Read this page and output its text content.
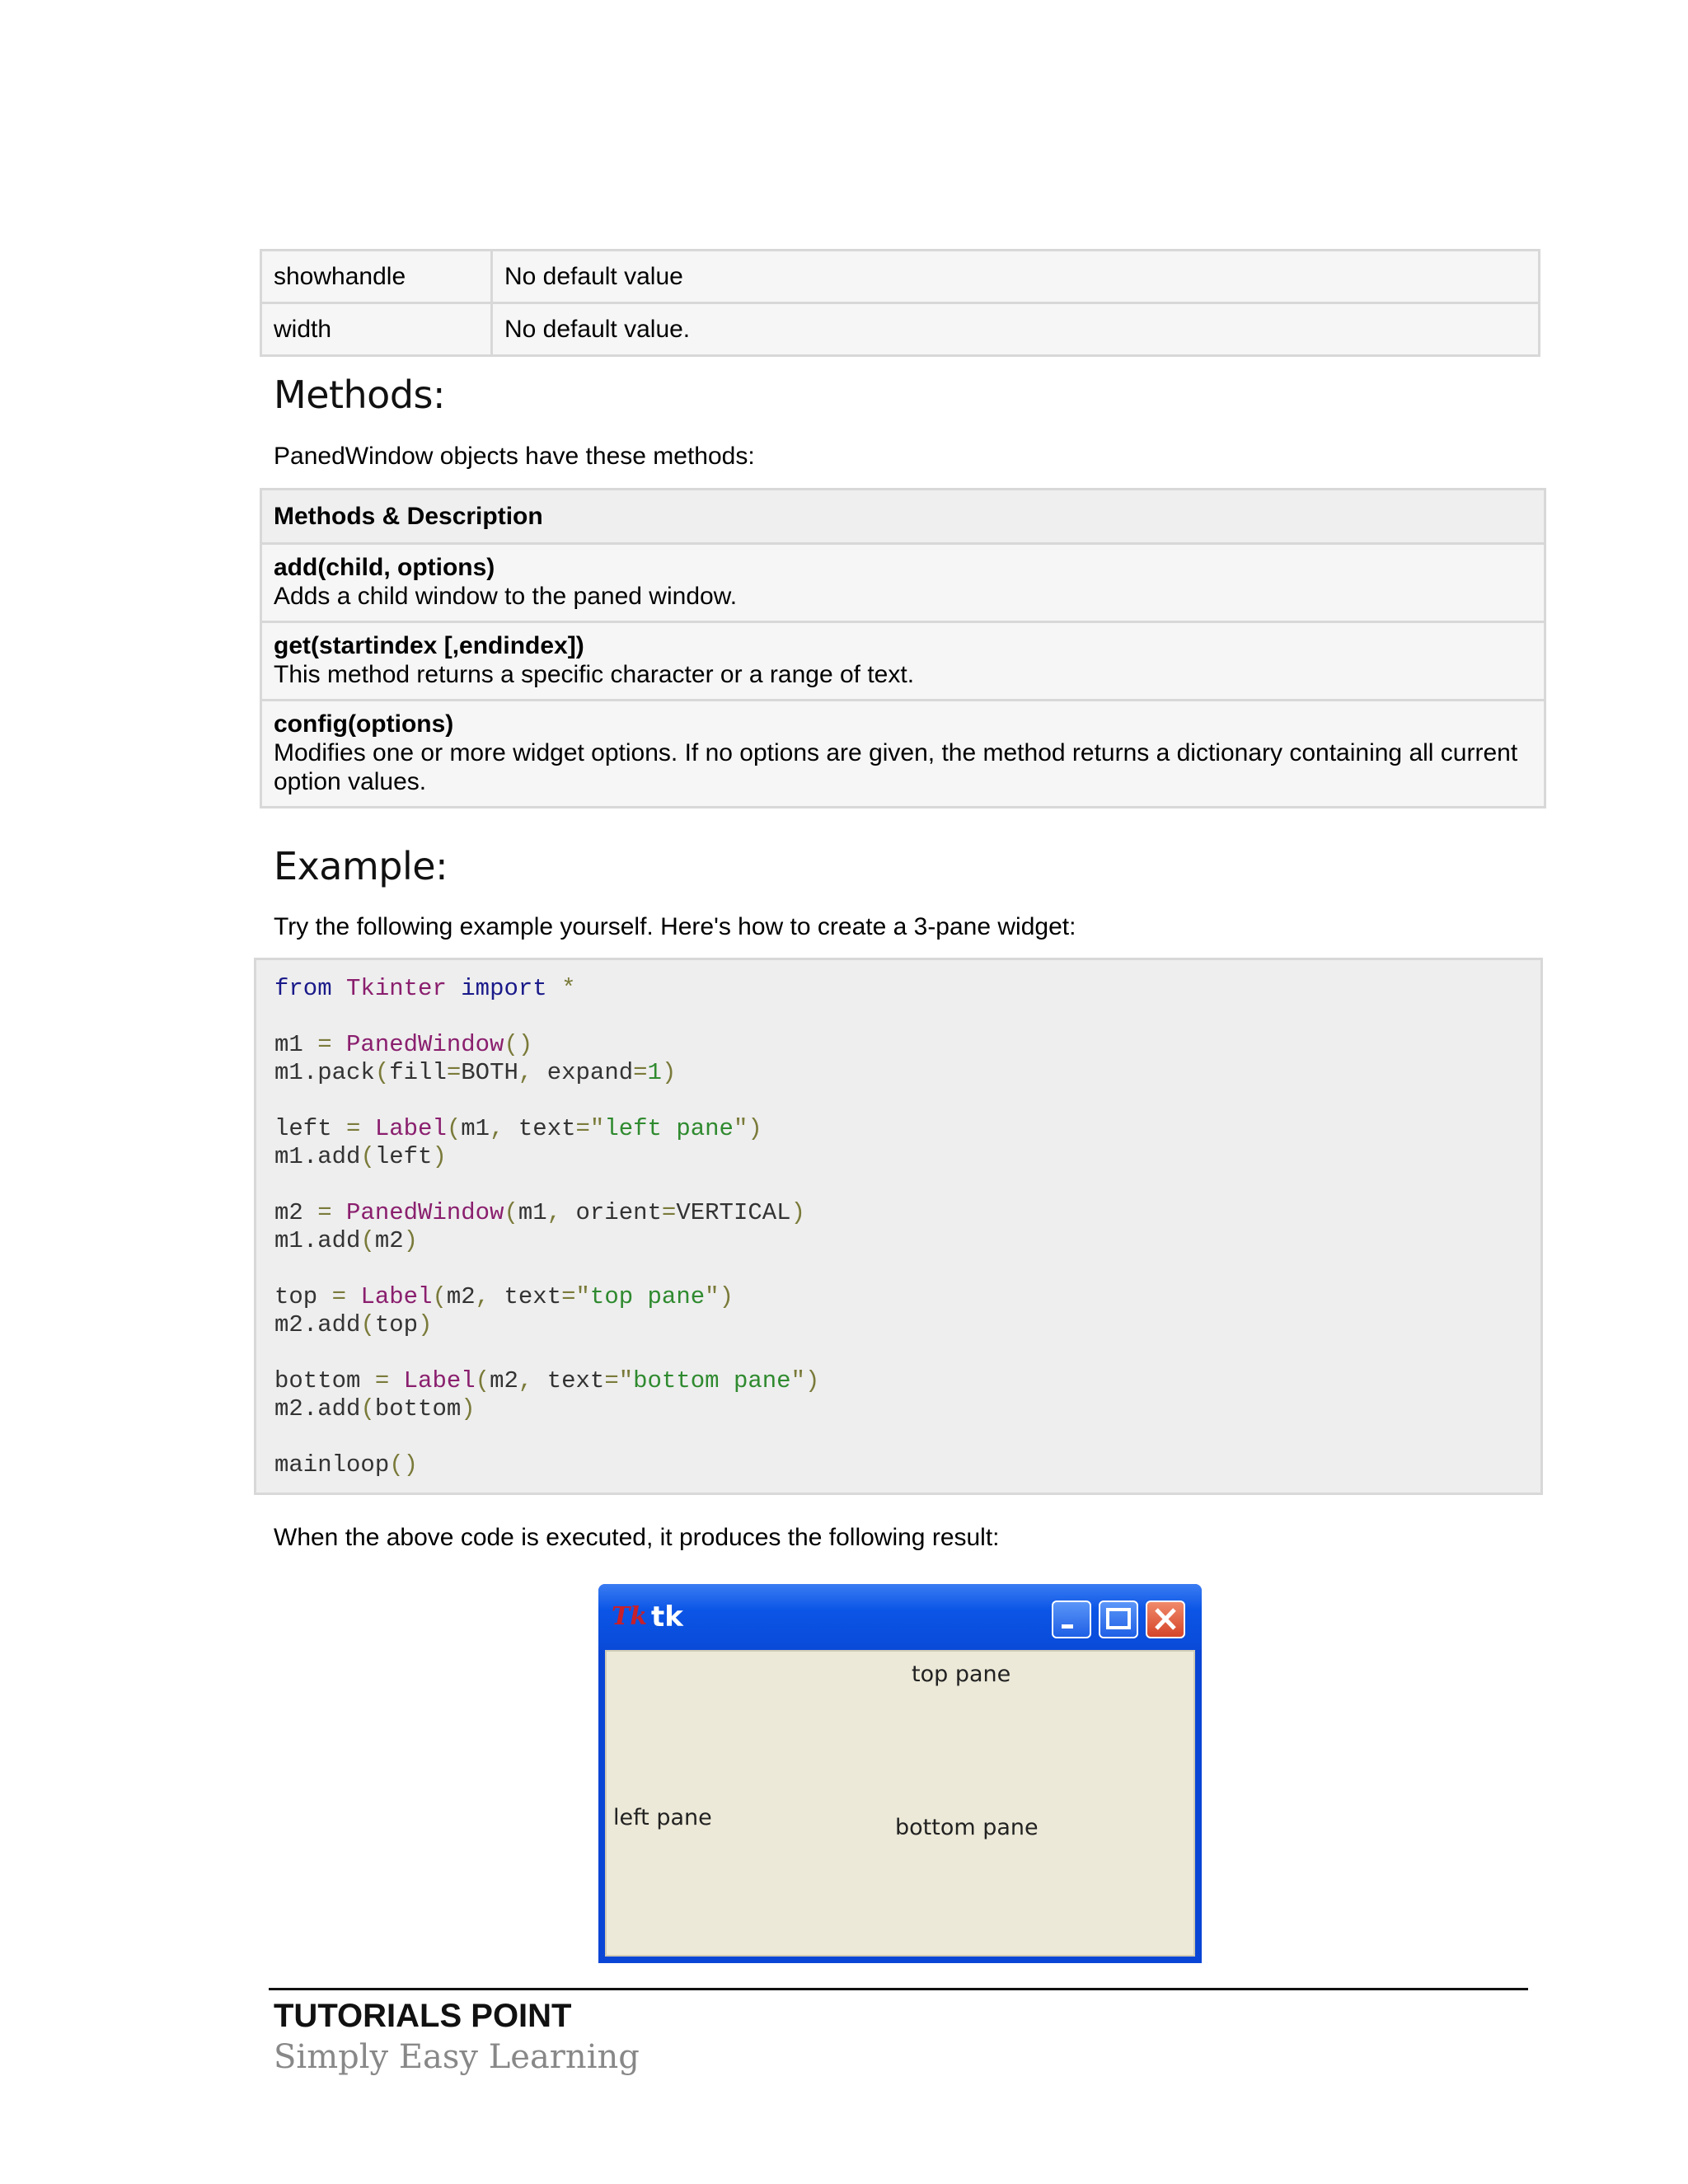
showhandle	No default value
width	No default value.
Methods:
PanedWindow objects have these methods:
Methods & Description

add(child, options)
Adds a child window to the paned window.

get(startindex [,endindex])
This method returns a specific character or a range of text.

config(options)
Modifies one or more widget options. If no options are given, the method returns a dictionary containing all current option values.
Example:
Try the following example yourself. Here's how to create a 3-pane widget:
from Tkinter import *
m1 = PanedWindow()
m1.pack(fill=BOTH, expand=1)
left = Label(m1, text="left pane")
m1.add(left)
m2 = PanedWindow(m1, orient=VERTICAL)
m1.add(m2)
top = Label(m2, text="top pane")
m2.add(top)
bottom = Label(m2, text="bottom pane")
m2.add(bottom)
mainloop()
When the above code is executed, it produces the following result:
Tk tk
top pane
left pane	bottom pane
TUTORIALS POINT
Simply Easy Learning
